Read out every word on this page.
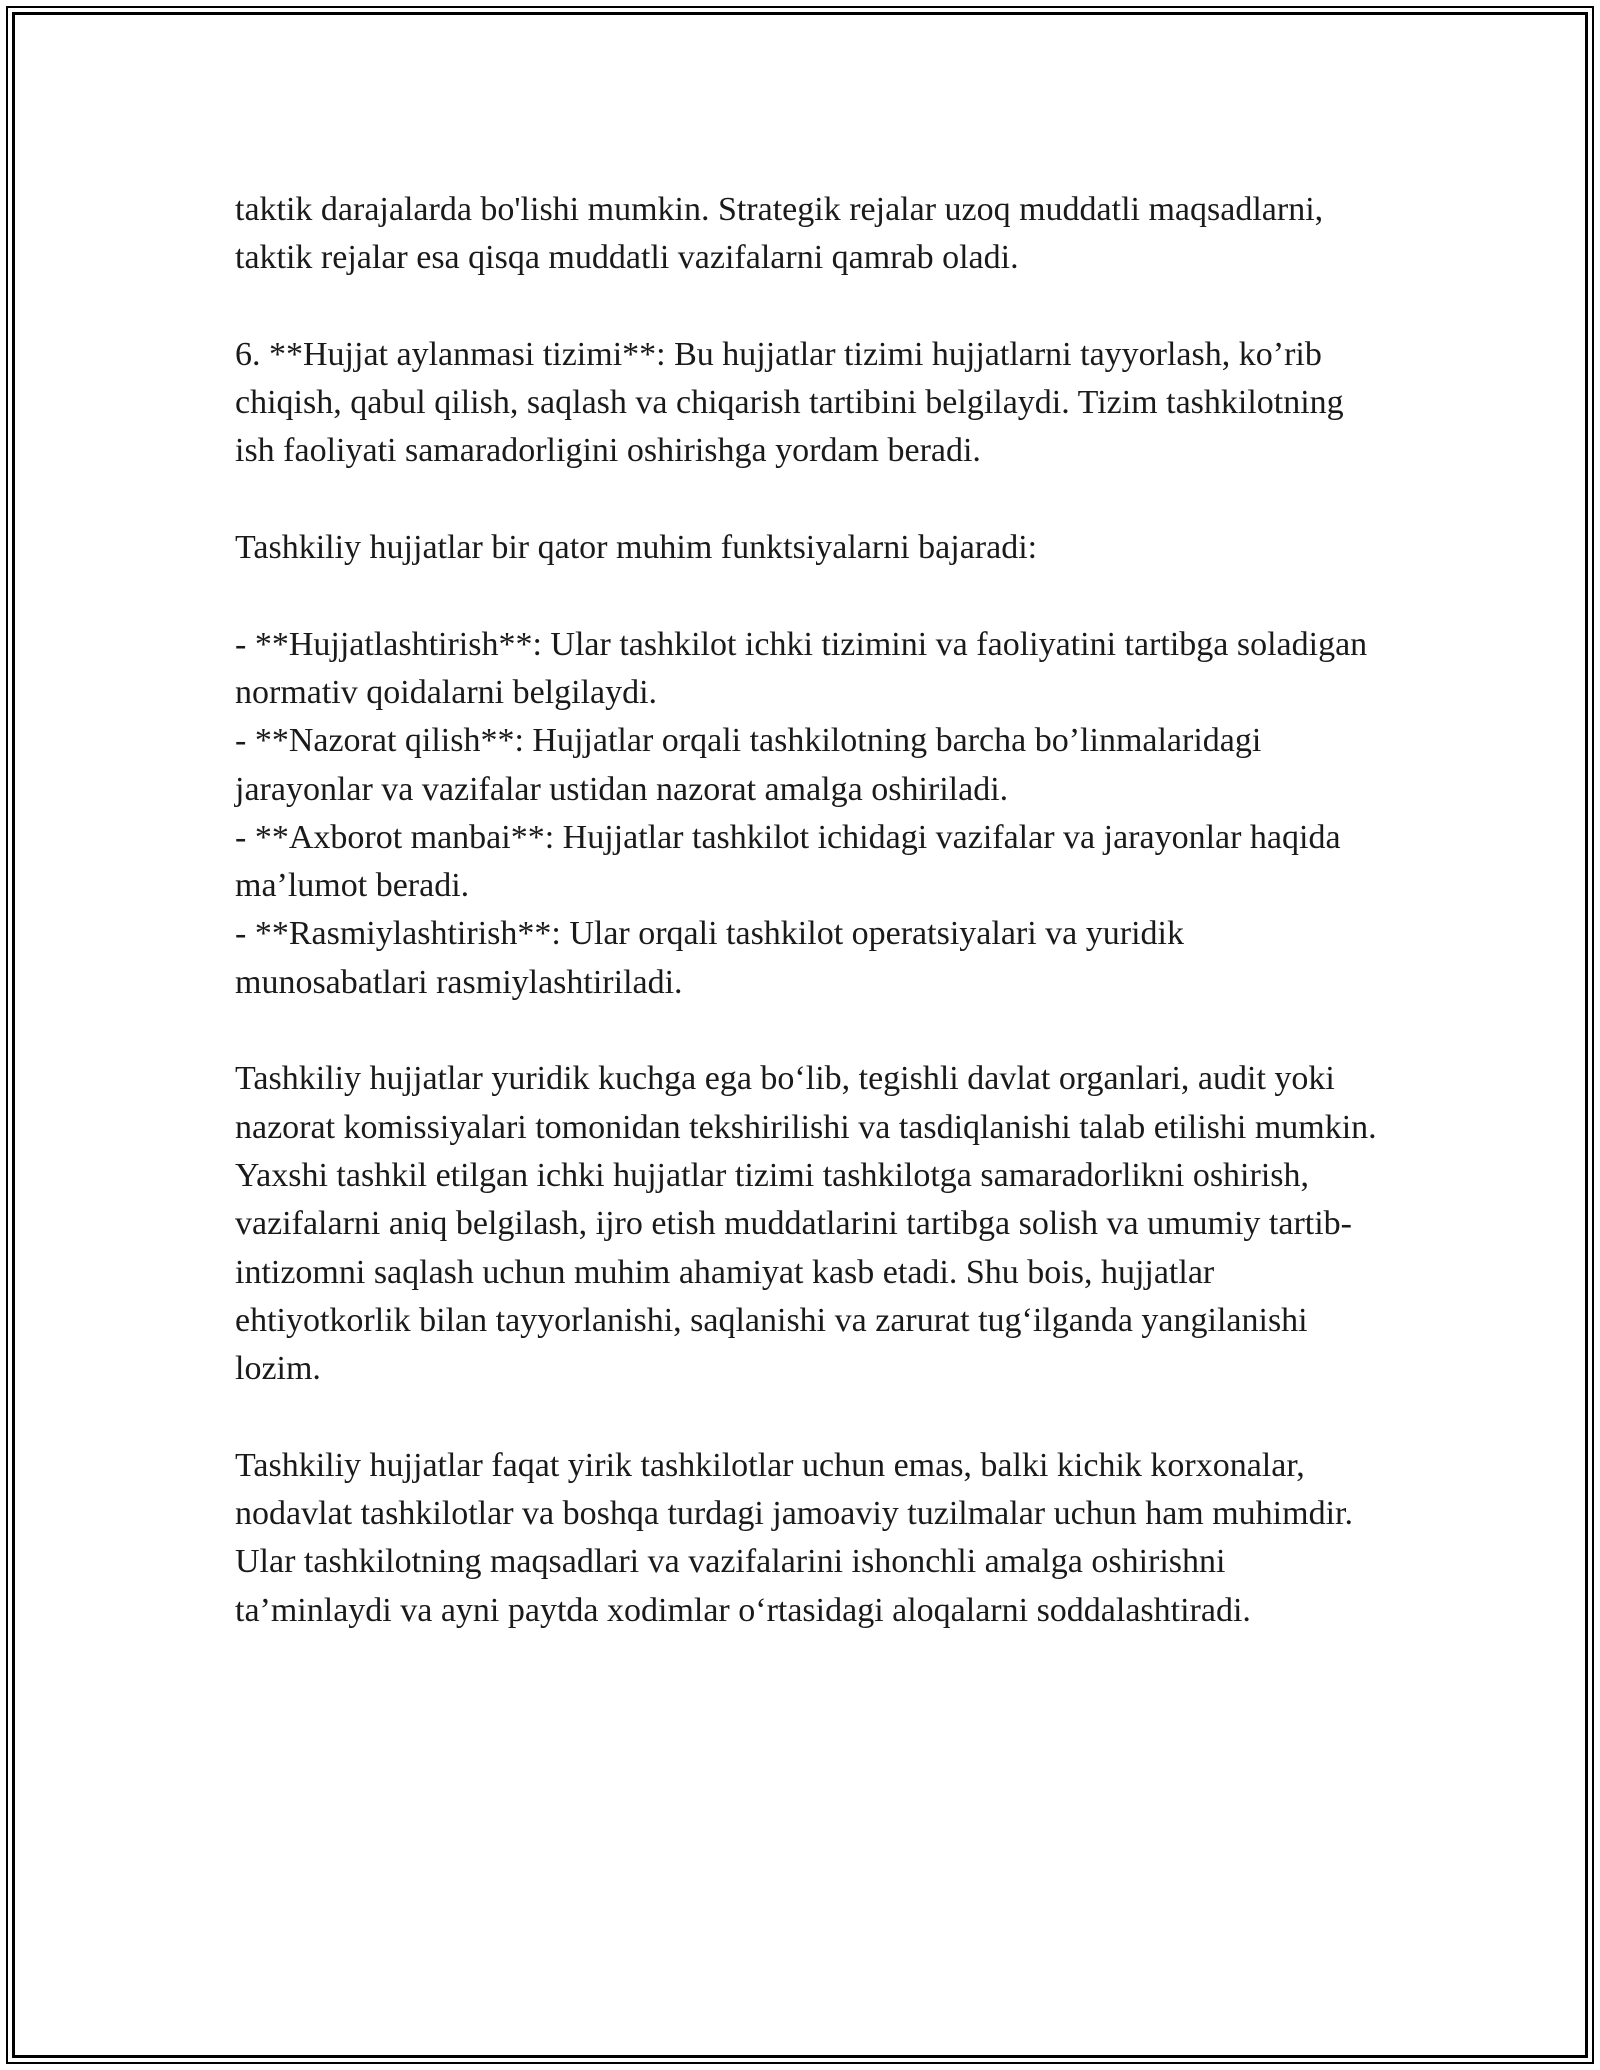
taktik darajalarda bo'lishi mumkin. Strategik rejalar uzoq muddatli maqsadlarni, taktik rejalar esa qisqa muddatli vazifalarni qamrab oladi.

6. **Hujjat aylanmasi tizimi**: Bu hujjatlar tizimi hujjatlarni tayyorlash, ko’rib chiqish, qabul qilish, saqlash va chiqarish tartibini belgilaydi. Tizim tashkilotning ish faoliyati samaradorligini oshirishga yordam beradi.

Tashkiliy hujjatlar bir qator muhim funktsiyalarni bajaradi:

- **Hujjatlashtirish**: Ular tashkilot ichki tizimini va faoliyatini tartibga soladigan normativ qoidalarni belgilaydi.

- **Nazorat qilish**: Hujjatlar orqali tashkilotning barcha bo’linmalaridagi jarayonlar va vazifalar ustidan nazorat amalga oshiriladi.

- **Axborot manbai**: Hujjatlar tashkilot ichidagi vazifalar va jarayonlar haqida ma’lumot beradi.

- **Rasmiylashtirish**: Ular orqali tashkilot operatsiyalari va yuridik munosabatlari rasmiylashtiriladi.

Tashkiliy hujjatlar yuridik kuchga ega bo‘lib, tegishli davlat organlari, audit yoki nazorat komissiyalari tomonidan tekshirilishi va tasdiqlanishi talab etilishi mumkin. Yaxshi tashkil etilgan ichki hujjatlar tizimi tashkilotga samaradorlikni oshirish, vazifalarni aniq belgilash, ijro etish muddatlarini tartibga solish va umumiy tartib-intizomni saqlash uchun muhim ahamiyat kasb etadi. Shu bois, hujjatlar ehtiyotkorlik bilan tayyorlanishi, saqlanishi va zarurat tug‘ilganda yangilanishi lozim.

Tashkiliy hujjatlar faqat yirik tashkilotlar uchun emas, balki kichik korxonalar, nodavlat tashkilotlar va boshqa turdagi jamoaviy tuzilmalar uchun ham muhimdir. Ular tashkilotning maqsadlari va vazifalarini ishonchli amalga oshirishni ta’minlaydi va ayni paytda xodimlar o‘rtasidagi aloqalarni soddalashtiradi.
